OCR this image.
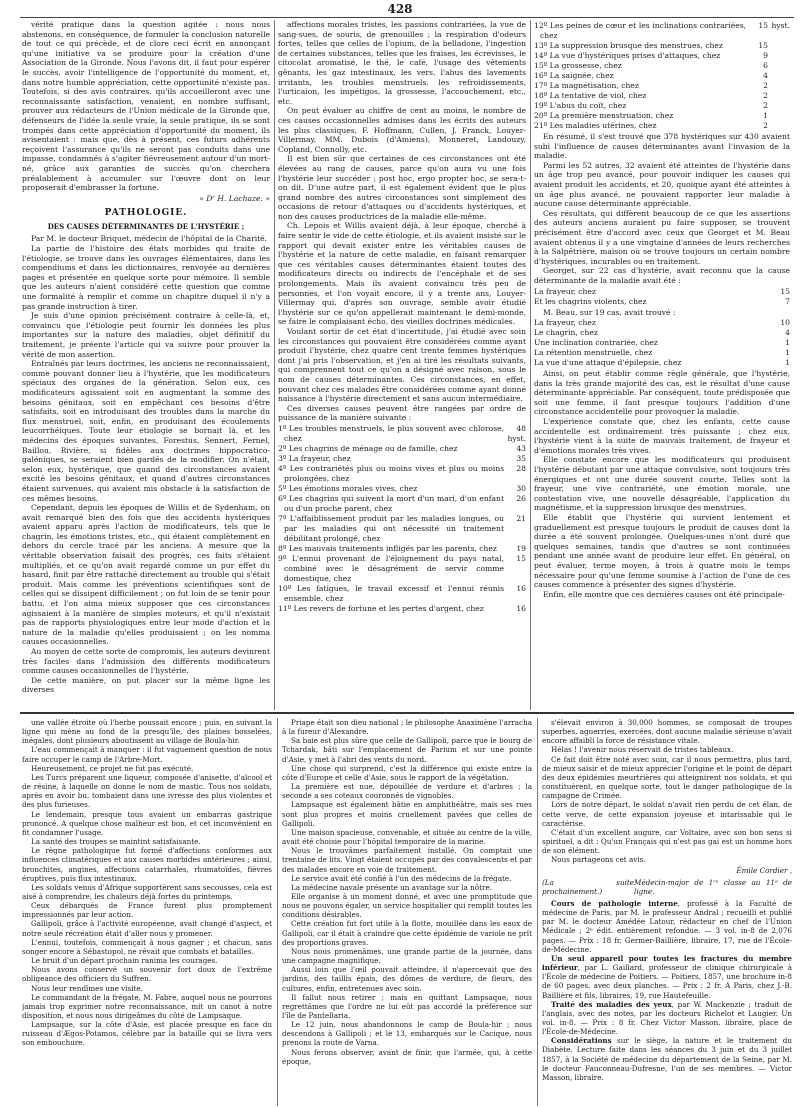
428

vérité pratique dans la question agitée : nous nous abstenons, en conséquence, de formuler la conclusion naturelle de tout ce qui précède, et de clore ceci écrit en annonçant qu'une initiative va se produire pour la création d'une Association de la Gironde. Nous l'avons dit, il faut pour espérer le succès, avoir l'intelligence de l'opportunité du moment, et, dans notre humble appréciation, cette opportunité n'existe pas. Toutefois, si des avis contraires, qu'ils accueilleront avec une reconnaissante satisfaction, venaient, en nombre suffisant, prouver aux rédacteurs de l'Union médicale de la Gironde que, défenseurs de l'idée la seule vraie, la seule pratique, ils se sont trompés dans cette appréciation d'opportunité du moment, ils avisentaient : mais que, dès à présent, ces futurs adhérents reçoivent l'assurance qu'ils ne seront pas conduits dans une impasse, condamnés à s'agiter fiévreusement autour d'un mort-né, grâce aux garanties de succès qu'on cherchera préalablement à accumuler sur l'œuvre dont on leur proposerait d'embrasser la fortune.

» Dʳ H. Lachaze. »
PATHOLOGIE.
DES CAUSES DÉTERMINANTES DE L'HYSTÉRIE ;

Par M. le docteur Briquet, médecin de l'hôpital de la Charité.

La partie de l'histoire des états morbides qui traite de l'étiologie, se trouve dans les ouvrages élémentaires, dans les compendiums et dans les dictionnaires, renvoyée au dernières pages et présentée en quelque sorte pour mémoire. Il semble que les auteurs n'aient considéré cette question que comme une formalité à remplir et comme un chapitre duquel il n'y a pas grande instruction à tirer.

Je suis d'une opinion précisément contraire à celle-là, et, convaincu que l'étiologie peut fournir les données les plus importantes sur la nature des maladies, objet définitif du traitement, je préente l'article qui va suivre pour prouver la vérité de mon assertion.

Entraînés par leurs doctrines, les anciens ne reconnaissaient, comme pouvant donner lieu à l'hystérie, que les modificateurs spéciaux des organes de la génération. Selon eux, ces modificateurs agissaient soit en augmentant la somme des besoins génitaux, soit en empêchant ces besoins d'être satisfaits, soit en introduisant des troubles dans la marche du flux menstruel, soit, enfin, en produisant des écoulements leucorrhéiques. Toute leur étiologie se bornait là, et les médecins des époques suivantes, Forestus, Sennert, Fernel, Baillou, Rivière, si fidèles aux doctrines hippocratico-galéniques, se seraient bien gardés de la modifier. On n'était, selon eux, hystérique, que quand des circonstances avaient excité les besoins génitaux, et quand d'autres circonstances étaient survenues, qui avaient mis obstacle à la satisfaction de ces mêmes besoins.

Cependant, depuis les époques de Willis et de Sydenham, on avait remarqué bien des fois que des accidents hystériques avaient apparu après l'action de modificateurs, tels que le chagrin, les émotions tristes, etc., qui étaient complètement en dehors du cercle tracé par les anciens. A mesure que la véritable observation faisait des progrès, ces faits s'étaient multipliés, et ce qu'on avait regardé comme un pur effet du hasard, finit par être rattaché directement au trouble qui s'était produit. Mais comme les préventions scientifiques sont de celles qui se dissipent difficilement ; on fut loin de se tenir pour battu, et l'on aima mieux supposer que ces circonstances agissaient à la manière de simples moteurs, et qu'il n'existait pas de rapports physiologiques entre leur mode d'action et la nature de la maladie qu'elles produisaient ; on les nomma causes occasionnelles.

Au moyen de cette sorte de compromis, les auteurs devinrent très faciles dans l'admission des différents modificateurs comme causes occasionnelles de l'hystérie.

De cette manière, on put placer sur la même ligne les diverses

affections morales tristes, les passions contrariées, la vue de sang-sues, de souris, de grenouilles ; la respiration d'odeurs fortes, telles que celles de l'opium, de la belladone, l'ingestion de certaines substances, telles que les fraises, les écrevisses, le citocolat aromatisé, le thé, le café, l'usage des vêtements gênants, les gaz intestinaux, les vers, l'abus des lavements irritants, les troubles menstruels, les refroidissements, l'urticaion, les impétigos, la grossesse, l'accouchement, etc., etc.

On peut évaluer au chiffre de cent au moins, le nombre de ces causes occasionnelles admises dans les écrits des auteurs les plus classiques, F. Hoffmann, Cullen, J. Franck, Louyer-Villermay, MM. Dubois (d'Amiens), Monneret, Landouzy, Copland, Connolly, etc.

Il est bien sûr que certaines de ces circonstances ont été élevées au rang de causes, parce qu'on aura vu une fois l'hystérie leur succéder ; post hoc, ergo propter hoc, se sera-t-on dit. D'une autre part, il est également évident que le plus grand nombre des autres circonstances sont simplement des occasions de retour d'attaques ou d'accidents hystériques, et non des causes productrices de la maladie elle-même.

Ch. Lepois et Willis avaient déjà, à leur époque, cherché à faire sentir le vide de cette étiologie, et ils avaient insisté sur le rapport qui devait exister entre les véritables causes de l'hystérie et la nature de cette maladie, en faisant remarquer que ces véritables causes déterminantes étaient toutes des modificateurs directs ou indirects de l'encéphale et de ses prolongements. Mais ils avaient convaincu très peu de personnes, et l'on voyait encore, il y a trente ans, Louyer-Villermay qui, d'après son ouvrage, semble avoir étudié l'hystérie sur ce qu'on appellerait maintenant le demi-monde, se faire le complaisant écho, des vieilles doctrines médicales.

Voulant sortir de cet état d'incertitude, j'ai étudié avec soin les circonstances qui pouvaient être considérées comme ayant produit l'hystérie, chez quatre cent trente femmes hystériques dont j'ai pris l'observation, et j'en ai tiré les résultats suivants, qui comprennent tout ce qu'on a désigné avec raison, sous le nom de causes déterminantes. Ces circonstances, en effet, pouvant chez ces malades être considérées comme ayant donné naissance à l'hystérie directement et sans aucun intermédiaire.

Ces diverses causes peuvent être rangées par ordre de puissance de la manière suivante :

1º Les troubles menstruels, le plus souvent avec chlorose, chez	48 hyst.
2º Les chagrins de ménage ou de famille, chez	43
3º La frayeur, chez	35
4º Les contrariétés plus ou moins vives et plus ou moins prolongées, chez	28
5º Les émotions morales vives, chez	30
6º Les chagrins qui suivent la mort d'un mari, d'un enfant ou d'un proche parent, chez	26
7º L'affaiblissement produit par les maladies longues, ou par les maladies qui ont nécessité un traitement débilitant prolongé, chez	21
8º Les mauvais traitements infligés par les parents, chez	19
9º L'ennui provenant de l'éloignement du pays natal, combiné avec le désagrément de servir comme domestique, chez	15
10º Les fatigues, le travail excessif et l'ennui réunis ensemble, chez	16
11º Les revers de fortune et les pertes d'argent, chez	16
12º Les peines de cœur et les inclinations contrariées, chez	15	hyst.
13º La suppression brusque des menstrues, chez	15	
14º La vue d'hystériques prises d'attaques, chez	9	
15º La grossesse, chez	6	
16º La saignée, chez	4	
17º La magnétisation, chez	2	
18º La tentative de viol, chez	2	
19º L'abus du coït, chez	2	
20º La première menstruation, chez	1	
21º Les maladies utérines, chez	2	

En résumé, il s'est trouvé que 378 hystériques sur 430 avaient subi l'influence de causes déterminantes avant l'invasion de la maladie.

Parmi les 52 autres, 32 avaient été atteintes de l'hystérie dans un âge trop peu avancé, pour pouvoir indiquer les causes qui avaient produit les accidents, et 20, quoique ayant été atteintes à un âge plus avancé, ne pouvaient rapporter leur maladie à aucune cause déterminante appréciable.

Ces résultats, qui diffèrent beaucoup de ce que les assertions des auteurs anciens auraient pu faire supposer, se trouvent précisément être d'accord avec ceux que Georget et M. Beau avaient obtenus il y a une vingtaine d'années de leurs recherches à la Salpêtrière, maison où se trouve toujours un certain nombre d'hystériques, incurables ou en traitement.

Georget, sur 22 cas d'hystérie, avait reconnu que la cause déterminante de la maladie avait été :

La frayeur, chez	15
Et les chagrins violents, chez	7

M. Beau, sur 19 cas, avait trouvé :

La frayeur, chez	10
Le chagrin, chez	4
Une inclination contrariée, chez	1
La rétention menstruelle, chez	1
La vue d'une attaque d'épilepsie, chez	1

Ainsi, on peut établir comme règle générale, que l'hystérie, dans la très grande majorité des cas, est le résultat d'une cause déterminante appréciable. Par conséquent, toute prédisposée que soit une femme, il faut presque toujours l'addition d'une circonstance accidentelle pour provoquer la maladie.

L'expérience constate que, chez les enfants, cette cause accidentelle est ordinairement très puissante ; chez eux, l'hystérie vient à la suite de mauvais traitement, de frayeur et d'émotions morales très vives.

Elle constate encore que les modificateurs qui produisent l'hystérie débutant par une attaque convulsive, sont toujours très énergiques et ont une durée souvent courte. Telles sont la frayeur, une vive contrariété, une émotion morale, une contestation vive, une nouvelle désagréable, l'application du magnétisme, et la suppression brusque des menstrues.

Elle établit que l'hystérie qui survient lentement et graduellement est presque toujours le produit de causes dont la durée a été souvent prolongée. Quelques-unes n'ont duré que quelques semaines, tandis que d'autres se sont continuées pendant une année avant de produire leur effet. En général, on peut évaluer, terme moyen, à trois à quatre mois le temps nécessaire pour qu'une femme soumise à l'action de l'une de ces causes commence à présenter des signes d'hystérie.

Enfin, elle montre que ces dernières causes ont été principale-

une vallée étroite où l'herbe poussait encore ; puis, en suivant la ligne qui mène au fond de la presqu'île, des plaines bosselées, inégales, dont plusieurs aboutissent au village de Boula-hir.

L'eau commençait à manquer : il fut vaguement question de nous faire occuper le camp de l'Arbre-Mort.

Heureusement, ce projet ne fut pas exécuté.

Les Turcs préparent une liqueur, composée d'anisette, d'alcool et de résine, à laquelle on donne le nom de mastic. Tous nos soldats, après en avoir bu, tombaient dans une ivresse des plus violentes et des plus furieuses.

Le lendemain, presque tous avaient un embarras gastrique prononcé. A quelque chose malheur est bon, et cet inconvénient en fit condamner l'usage.

La santé des troupes se maintint satisfaisante.

Le règne pathologique fut formé d'affections conformes aux influences climatériques et aux causes morbides antérieures ; ainsi, bronchites, angines, affections catarrhales, rhumatoïdes, fièvres éruptives, puis flux intestinaux.

Les soldats venus d'Afrique supportèrent sans secousses, cela est aisé à comprendre, les chaleurs déjà fortes du printemps.

Ceux débarqués de France furent plus promptement impressionnés par leur action.

Gallipoli, grâce à l'activité européenne, avait changé d'aspect, et notre seule récréation était d'aller nous y promener.

L'ennui, toutefois, commençait à nous gagner ; et chacun, sans songer encore à Sébastopol, ne rêvait que combats et batailles.

Le bruit d'un départ prochain ranima les courages.

Nous avons conservé un souvenir fort doux de l'extrême obligeance des officiers du Suffren.

Nous leur rendîmes une visite.

Le commandant de la frégate, M. Fabre, auquel nous ne pourrons jamais trop exprimer notre reconnaissance, mit un canot à notre disposition, et nous nous dirigeâmes du côté de Lampsaque.

Lampsaque, sur la côte d'Asie, est placée presque en face du ruisseau d'Ægos-Potamos, célèbre par la bataille qui se livra vers son embouchure.

Priape était son dieu national ; le philosophe Anaximène l'arracha à la fureur d'Alexandre.

Sa baie est plus sûre que celle de Gallipoli, parce que le bourg de Tchardak, bâti sur l'emplacement de Parium et sur une pointe d'Asie, y met à l'abri des vents du nord.

Une chose qui surprend, c'est la différence qui existe entre la côte d'Europe et celle d'Asie, sous le rapport de la végétation.

La première est nue, dépouillée de verdure et d'arbres ; la seconde a ses coteaux couronnés de vignobles.

Lampsaque est également bâtie en amphithéâtre, mais ses rues sont plus propres et moins cruellement pavées que celles de Gallipoli.

Une maison spacieuse, convenable, et située au centre de la ville, avait été choisie pour l'hôpital temporaire de la marine.

Nous le trouvâmes parfaitement installé. On comptait une trentaine de lits. Vingt étaient occupés par des convalescents et par des malades encore en voie de traitement.

Le service avait été confié à l'un des médecins de la frégate.

La médecine navale présente un avantage sur la nôtre.

Elle organise à un moment donné, et avec une promptitude que nous ne pouvons égaler, un service hospitalier qui remplit toutes les conditions désirables.

Cette création fut fort utile à la flotte, mouillée dans les eaux de Gallipoli, car il était à craindre que cette épidémie de variole ne prît des proportions graves.

Nous nous promenâmes, une grande partie de la journée, dans une campagne magnifique.

Aussi loin que l'œil pouvait atteindre, il n'apercevait que des jardins, des taillis épais, des dômes de verdure, de fleurs, des cultures, enfin, entretenues avec soin.

Il fallut nous retirer ; mais en quittant Lampsaque, nous regrettâmes que l'ordre ne lui eût pas accordé la préférence sur l'île de Pantellaria.

Le 12 juin, nous abandonnons le camp de Boula-hir ; nous descendons à Gallipoli ; et le 13, embarqués sur le Cacique, nous prenons la route de Varna.

Nous ferons observer, avant de finir, que l'armée, qui, à cette époque,

s'élevait environ à 30,000 hommes, se composait de troupes superbes, aguerries, exercées, dont aucune maladie sérieuse n'avait encore affaibli la force de résistance vitale.

Hélas ! l'avenir nous réservait de tristes tableaux.

Ce fait doit être noté avec soin, car il nous permettra, plus tard, de mieux saisir et de mieux apprécier l'origine et le point de départ des deux épidémies meurtrières qui atteignirent nos soldats, et qui constituèrent, en quelque sorte, tout le danger pathologique de la campagne de Crimée.

Lors de notre départ, le soldat n'avait rien perdu de cet élan, de cette verve, de cette expansion joyeuse et intarissable qui le caractérise.

C'était d'un excellent augure, car Voltaire, avec son bon sens si spirituel, a dit : Qu'un Français qui n'est pas gai est un homme hors de son élément.

Nous partageons cet avis.

Émile Cordier ,
(La suite prochainement.)
Médecin-major de 1ʳᵉ classe au 11ᵉ de ligne.

Cours de pathologie interne, professé à la Faculté de médecine de Paris, par M. le professeur Andral ; recueilli et publié par M. le docteur Amédée Latour, rédacteur en chef de l'Union Médicale ; 2ᵉ édit. entièrement refondue. — 3 vol. in-8 de 2,076 pages. — Prix : 18 fr. Germer-Baillière, libraire, 17, rue de l'École-de-Médecine.

Un seul appareil pour toutes les fractures du membre inférieur, par L. Gaillard, professeur de clinique chirurgicale à l'École de médecine de Poitiers. — Poitiers, 1857, une brochure in-8 de 60 pages, avec deux planches. — Prix : 2 fr. A Paris, chez J.-B. Baillière et fils, libraires, 19, rue Hautefeuille.

Traité des maladies des yeux, par W. Mackenzie ; traduit de l'anglais, avec des notes, par les docteurs Richelot et Laugier. Un vol. in-8. — Prix : 8 fr. Chez Victor Masson, libraire, place de l'École-de-Médecine.

Considérations sur le siège, la nature et le traitement du Diabète. Lecture faite dans les séances du 3 juin et du 3 juillet 1857, à la Société de médecine du département de la Seine, par M. le docteur Fauconneau-Dufresne, l'un de ses membres. — Victor Masson, libraire.
